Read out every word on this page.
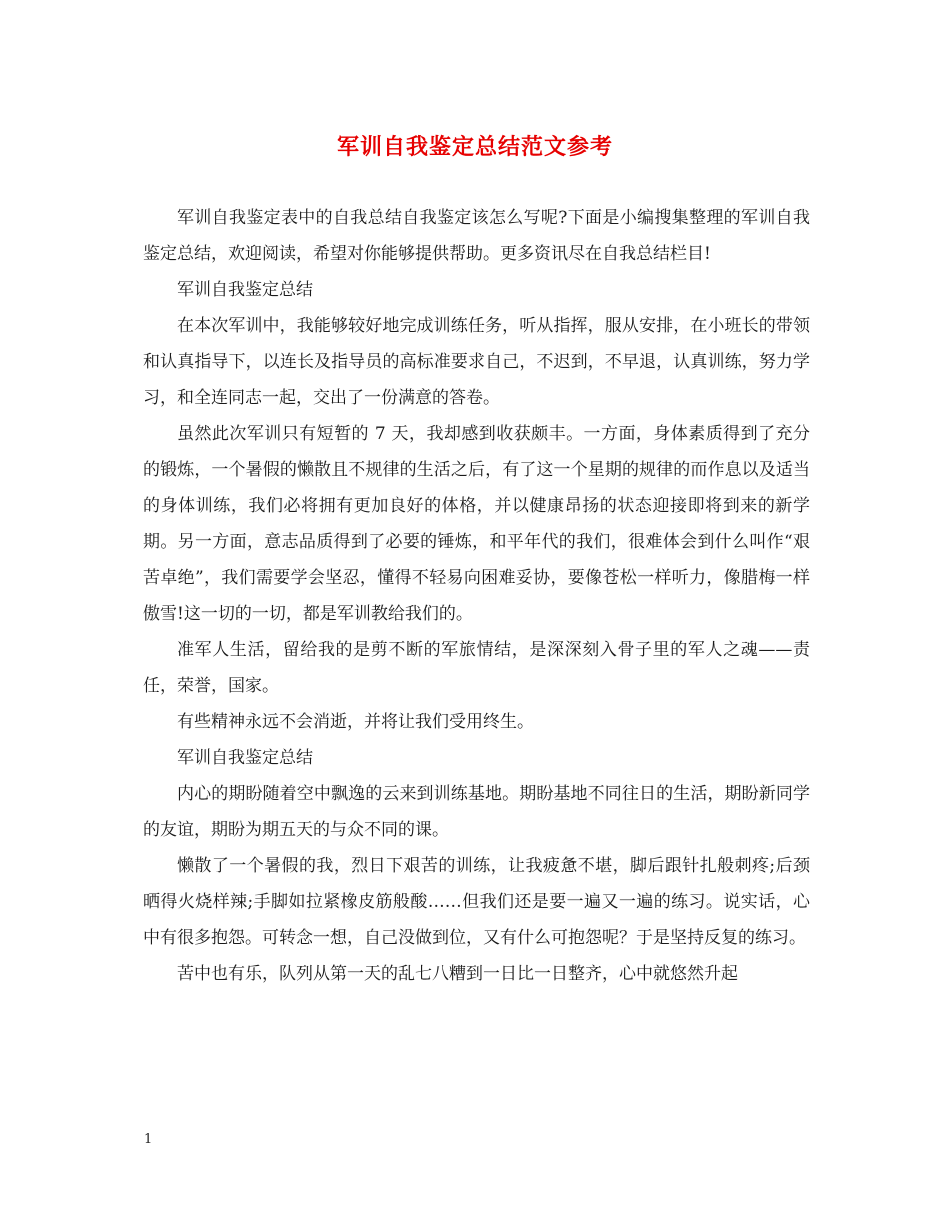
军训自我鉴定总结范文参考

军训自我鉴定表中的自我总结自我鉴定该怎么写呢?下面是小编搜集整理的军训自我鉴定总结，欢迎阅读，希望对你能够提供帮助。更多资讯尽在自我总结栏目!

军训自我鉴定总结

在本次军训中，我能够较好地完成训练任务，听从指挥，服从安排，在小班长的带领和认真指导下，以连长及指导员的高标准要求自己，不迟到，不早退，认真训练，努力学习，和全连同志一起，交出了一份满意的答卷。

虽然此次军训只有短暂的 7 天，我却感到收获颇丰。一方面，身体素质得到了充分的锻炼，一个暑假的懒散且不规律的生活之后，有了这一个星期的规律的而作息以及适当的身体训练，我们必将拥有更加良好的体格，并以健康昂扬的状态迎接即将到来的新学期。另一方面，意志品质得到了必要的锤炼，和平年代的我们，很难体会到什么叫作“艰苦卓绝”，我们需要学会坚忍，懂得不轻易向困难妥协，要像苍松一样听力，像腊梅一样傲雪!这一切的一切，都是军训教给我们的。

准军人生活，留给我的是剪不断的军旅情结，是深深刻入骨子里的军人之魂——责任，荣誉，国家。

有些精神永远不会消逝，并将让我们受用终生。

军训自我鉴定总结

内心的期盼随着空中飘逸的云来到训练基地。期盼基地不同往日的生活，期盼新同学的友谊，期盼为期五天的与众不同的课。

懒散了一个暑假的我，烈日下艰苦的训练，让我疲惫不堪，脚后跟针扎般刺疼;后颈晒得火烧样辣;手脚如拉紧橡皮筋般酸……但我们还是要一遍又一遍的练习。说实话，心中有很多抱怨。可转念一想，自己没做到位，又有什么可抱怨呢？于是坚持反复的练习。

苦中也有乐，队列从第一天的乱七八糟到一日比一日整齐，心中就悠然升起

1
